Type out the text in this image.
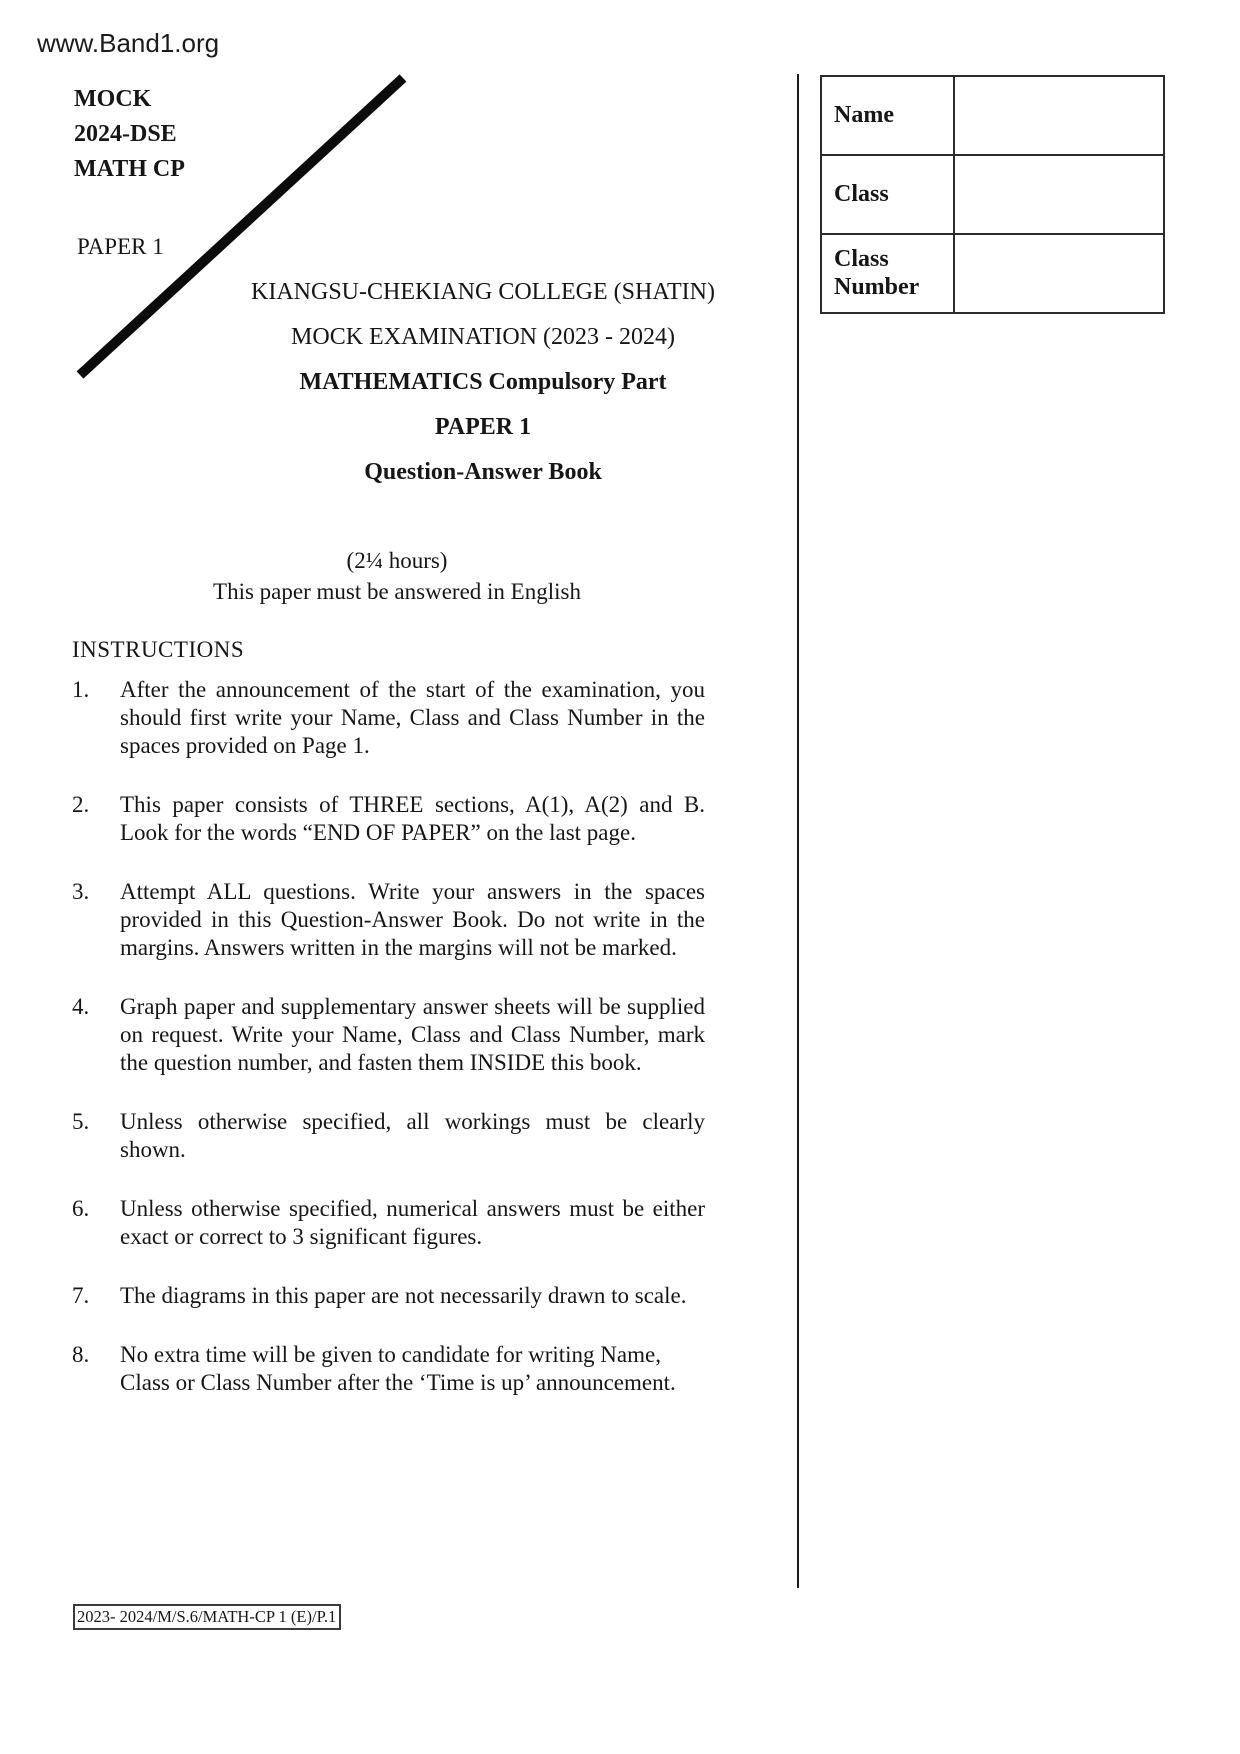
www.Band1.org
MOCK
2024-DSE
MATH CP
PAPER 1
KIANGSU-CHEKIANG COLLEGE (SHATIN)
MOCK EXAMINATION (2023 - 2024)
MATHEMATICS Compulsory Part
PAPER 1
Question-Answer Book
(2¼ hours)
This paper must be answered in English
INSTRUCTIONS
1.	After the announcement of the start of the examination, you should first write your Name, Class and Class Number in the spaces provided on Page 1.
2.	This paper consists of THREE sections, A(1), A(2) and B. Look for the words “END OF PAPER” on the last page.
3.	Attempt ALL questions. Write your answers in the spaces provided in this Question-Answer Book. Do not write in the margins. Answers written in the margins will not be marked.
4.	Graph paper and supplementary answer sheets will be supplied on request. Write your Name, Class and Class Number, mark the question number, and fasten them INSIDE this book.
5.	Unless otherwise specified, all workings must be clearly shown.
6.	Unless otherwise specified, numerical answers must be either exact or correct to 3 significant figures.
7.	The diagrams in this paper are not necessarily drawn to scale.
8.	No extra time will be given to candidate for writing Name, Class or Class Number after the ‘Time is up’ announcement.
Name	
Class	
Class Number	
2023- 2024/M/S.6/MATH-CP 1 (E)/P.1
